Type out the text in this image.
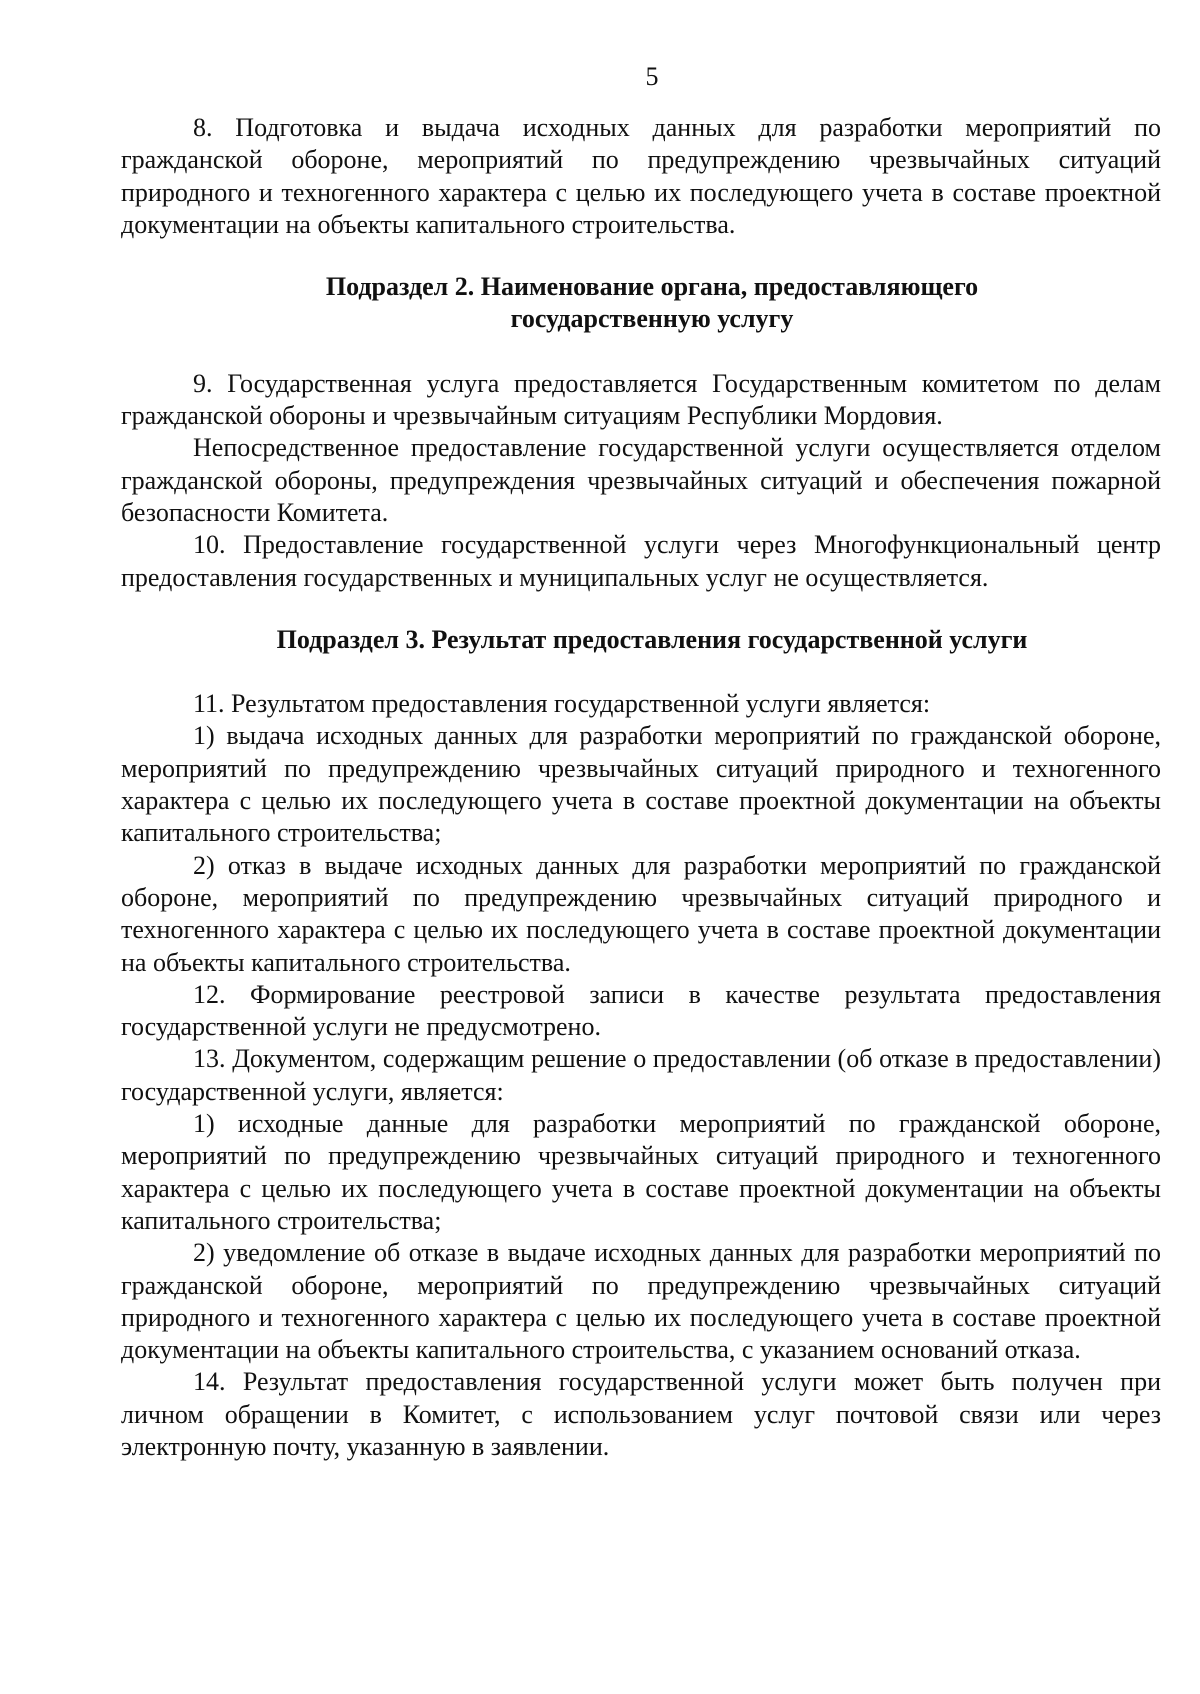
5

8. Подготовка и выдача исходных данных для разработки мероприятий по гражданской обороне, мероприятий по предупреждению чрезвычайных ситуаций природного и техногенного характера с целью их последующего учета в составе проектной документации на объекты капитального строительства.

Подраздел 2. Наименование органа, предоставляющего
государственную услугу

9. Государственная услуга предоставляется Государственным комитетом по делам гражданской обороны и чрезвычайным ситуациям Республики Мордовия.

Непосредственное предоставление государственной услуги осуществляется отделом гражданской обороны, предупреждения чрезвычайных ситуаций и обеспечения пожарной безопасности Комитета.

10. Предоставление государственной услуги через Многофункциональный центр предоставления государственных и муниципальных услуг не осуществляется.

Подраздел 3. Результат предоставления государственной услуги

11. Результатом предоставления государственной услуги является:

1) выдача исходных данных для разработки мероприятий по гражданской обороне, мероприятий по предупреждению чрезвычайных ситуаций природного и техногенного характера с целью их последующего учета в составе проектной документации на объекты капитального строительства;

2) отказ в выдаче исходных данных для разработки мероприятий по гражданской обороне, мероприятий по предупреждению чрезвычайных ситуаций природного и техногенного характера с целью их последующего учета в составе проектной документации на объекты капитального строительства.

12. Формирование реестровой записи в качестве результата предоставления государственной услуги не предусмотрено.

13. Документом, содержащим решение о предоставлении (об отказе в предоставлении) государственной услуги, является:

1) исходные данные для разработки мероприятий по гражданской обороне, мероприятий по предупреждению чрезвычайных ситуаций природного и техногенного характера с целью их последующего учета в составе проектной документации на объекты капитального строительства;

2) уведомление об отказе в выдаче исходных данных для разработки мероприятий по гражданской обороне, мероприятий по предупреждению чрезвычайных ситуаций природного и техногенного характера с целью их последующего учета в составе проектной документации на объекты капитального строительства, с указанием оснований отказа.

14. Результат предоставления государственной услуги может быть получен при личном обращении в Комитет, с использованием услуг почтовой связи или через электронную почту, указанную в заявлении.
